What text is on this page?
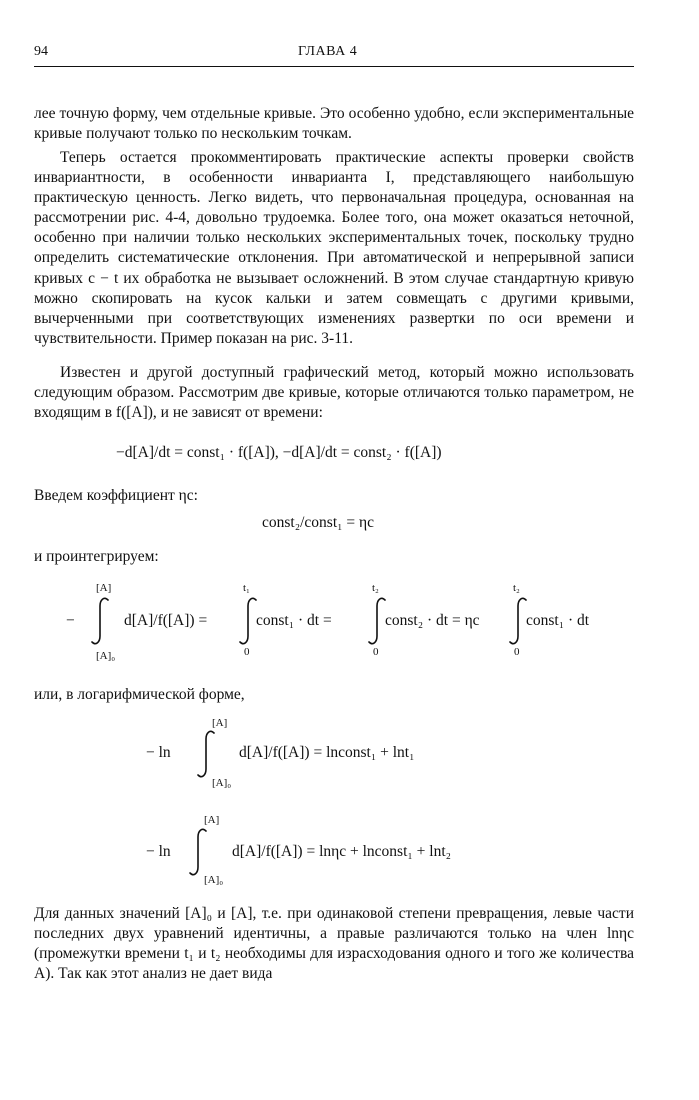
94	ГЛАВА 4

лее точную форму, чем отдельные кривые. Это особенно удобно, если экспериментальные кривые получают только по нескольким точкам.

Теперь остается прокомментировать практические аспекты проверки свойств инвариантности, в особенности инварианта I, представляющего наибольшую практическую ценность. Легко видеть, что первоначальная процедура, основанная на рассмотрении рис. 4-4, довольно трудоемка. Более того, она может оказаться неточной, особенно при наличии только нескольких экспериментальных точек, поскольку трудно определить систематические отклонения. При автоматической и непрерывной записи кривых c − t их обработка не вызывает осложнений. В этом случае стандартную кривую можно скопировать на кусок кальки и затем совмещать с другими кривыми, вычерченными при соответствующих изменениях развертки по оси времени и чувствительности. Пример показан на рис. 3-11.

Известен и другой доступный графический метод, который можно использовать следующим образом. Рассмотрим две кривые, которые отличаются только параметром, не входящим в f([A]), и не зависят от времени:

−d[A]/dt = const₁ · f([A]), −d[A]/dt = const₂ · f([A])
Введем коэффициент ηc:
const₂/const₁ = ηc
и проинтегрируем:
−
[A]
[A]₀
d[A]/f([A]) =
t₁
0
const₁ · dt =
t₂
0
const₂ · dt = ηc
t₂
0
const₁ · dt
или, в логарифмической форме,
− ln
[A]
[A]₀
d[A]/f([A]) = lnconst₁ + lnt₁
− ln
[A]
[A]₀
d[A]/f([A]) = lnηc + lnconst₁ + lnt₂

Для данных значений [A]₀ и [A], т.е. при одинаковой степени превращения, левые части последних двух уравнений идентичны, а правые различаются только на член lnηc (промежутки времени t₁ и t₂ необходимы для израсходования одного и того же количества A). Так как этот анализ не дает вида
